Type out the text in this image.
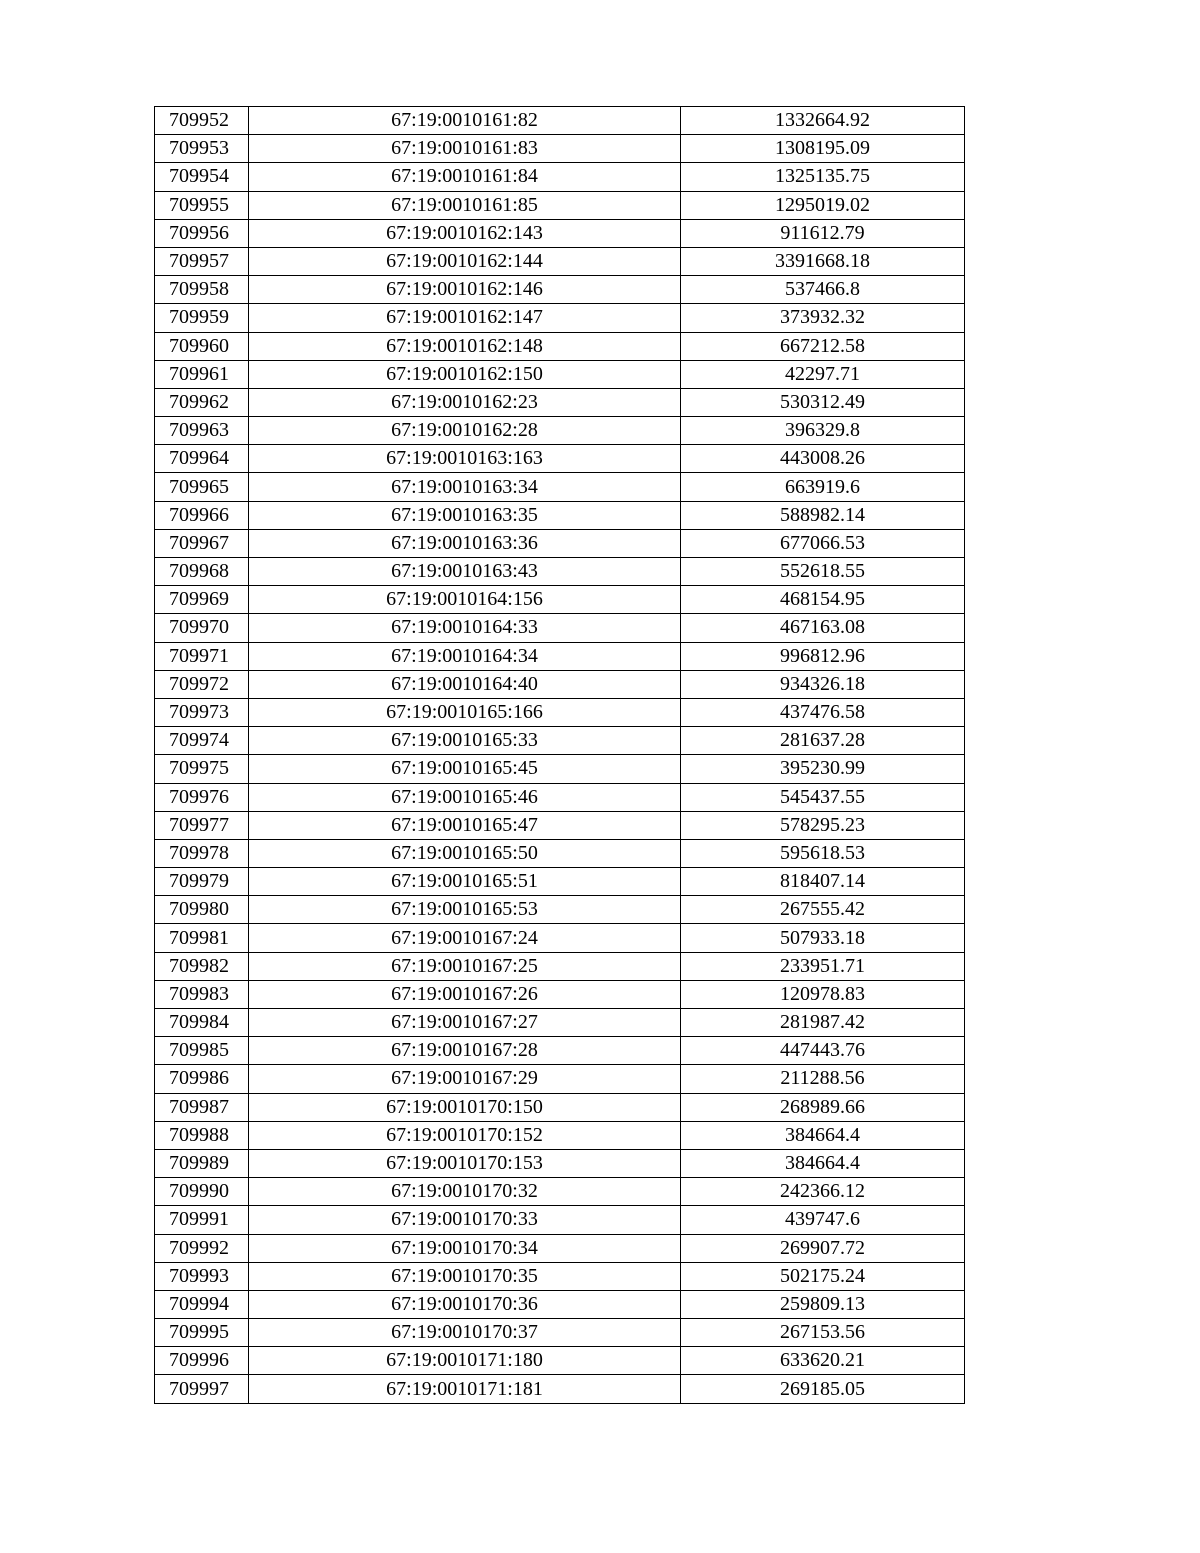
709952	67:19:0010161:82	1332664.92
709953	67:19:0010161:83	1308195.09
709954	67:19:0010161:84	1325135.75
709955	67:19:0010161:85	1295019.02
709956	67:19:0010162:143	911612.79
709957	67:19:0010162:144	3391668.18
709958	67:19:0010162:146	537466.8
709959	67:19:0010162:147	373932.32
709960	67:19:0010162:148	667212.58
709961	67:19:0010162:150	42297.71
709962	67:19:0010162:23	530312.49
709963	67:19:0010162:28	396329.8
709964	67:19:0010163:163	443008.26
709965	67:19:0010163:34	663919.6
709966	67:19:0010163:35	588982.14
709967	67:19:0010163:36	677066.53
709968	67:19:0010163:43	552618.55
709969	67:19:0010164:156	468154.95
709970	67:19:0010164:33	467163.08
709971	67:19:0010164:34	996812.96
709972	67:19:0010164:40	934326.18
709973	67:19:0010165:166	437476.58
709974	67:19:0010165:33	281637.28
709975	67:19:0010165:45	395230.99
709976	67:19:0010165:46	545437.55
709977	67:19:0010165:47	578295.23
709978	67:19:0010165:50	595618.53
709979	67:19:0010165:51	818407.14
709980	67:19:0010165:53	267555.42
709981	67:19:0010167:24	507933.18
709982	67:19:0010167:25	233951.71
709983	67:19:0010167:26	120978.83
709984	67:19:0010167:27	281987.42
709985	67:19:0010167:28	447443.76
709986	67:19:0010167:29	211288.56
709987	67:19:0010170:150	268989.66
709988	67:19:0010170:152	384664.4
709989	67:19:0010170:153	384664.4
709990	67:19:0010170:32	242366.12
709991	67:19:0010170:33	439747.6
709992	67:19:0010170:34	269907.72
709993	67:19:0010170:35	502175.24
709994	67:19:0010170:36	259809.13
709995	67:19:0010170:37	267153.56
709996	67:19:0010171:180	633620.21
709997	67:19:0010171:181	269185.05
